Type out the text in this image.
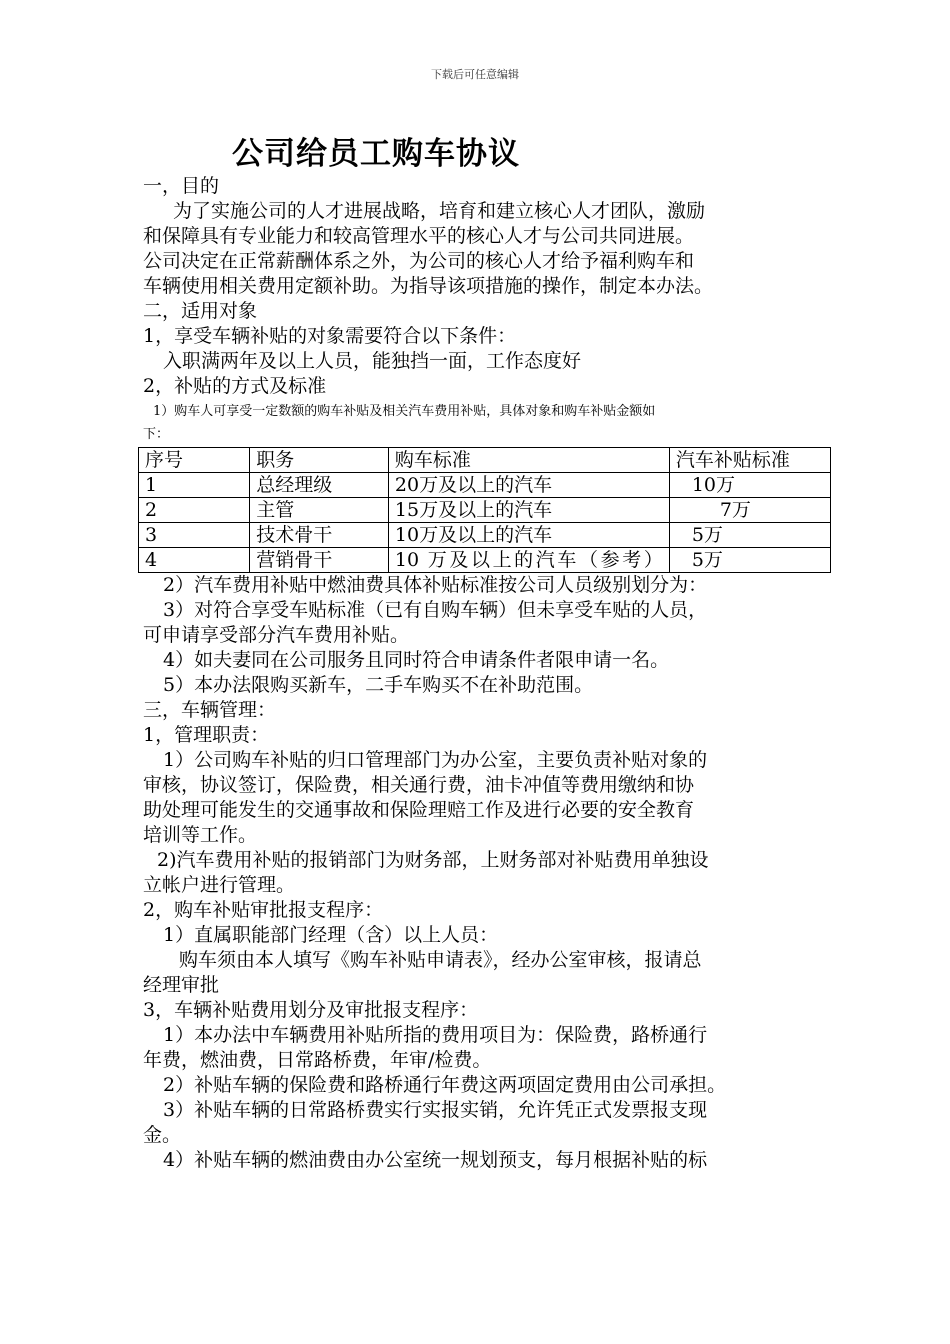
下载后可任意编辑
公司给员工购车协议

一，目的

为了实施公司的人才进展战略，培育和建立核心人才团队，激励

和保障具有专业能力和较高管理水平的核心人才与公司共同进展。

公司决定在正常薪酬体系之外，为公司的核心人才给予福利购车和

车辆使用相关费用定额补助。为指导该项措施的操作，制定本办法。

二，适用对象

1，享受车辆补贴的对象需要符合以下条件：

入职满两年及以上人员，能独挡一面，工作态度好

2，补贴的方式及标准

1）购车人可享受一定数额的购车补贴及相关汽车费用补贴，具体对象和购车补贴金额如

下：

序号	职务	购车标准	汽车补贴标准
1	总经理级	20万及以上的汽车	10万
2	主管	15万及以上的汽车	7万
3	技术骨干	10万及以上的汽车	5万
4	营销骨干	10 万及以上的汽车（参考）	5万

2）汽车费用补贴中燃油费具体补贴标准按公司人员级别划分为：

3）对符合享受车贴标准（已有自购车辆）但未享受车贴的人员，

可申请享受部分汽车费用补贴。

4）如夫妻同在公司服务且同时符合申请条件者限申请一名。

5）本办法限购买新车，二手车购买不在补助范围。

三，车辆管理：

1，管理职责：

1）公司购车补贴的归口管理部门为办公室，主要负责补贴对象的

审核，协议签订，保险费，相关通行费，油卡冲值等费用缴纳和协

助处理可能发生的交通事故和保险理赔工作及进行必要的安全教育

培训等工作。

2)汽车费用补贴的报销部门为财务部，上财务部对补贴费用单独设

立帐户进行管理。

2，购车补贴审批报支程序：

1）直属职能部门经理（含）以上人员：

购车须由本人填写《购车补贴申请表》，经办公室审核，报请总

经理审批

3，车辆补贴费用划分及审批报支程序：

1）本办法中车辆费用补贴所指的费用项目为：保险费，路桥通行

年费，燃油费，日常路桥费，年审/检费。

2）补贴车辆的保险费和路桥通行年费这两项固定费用由公司承担。

3）补贴车辆的日常路桥费实行实报实销，允许凭正式发票报支现

金。

4）补贴车辆的燃油费由办公室统一规划预支，每月根据补贴的标
